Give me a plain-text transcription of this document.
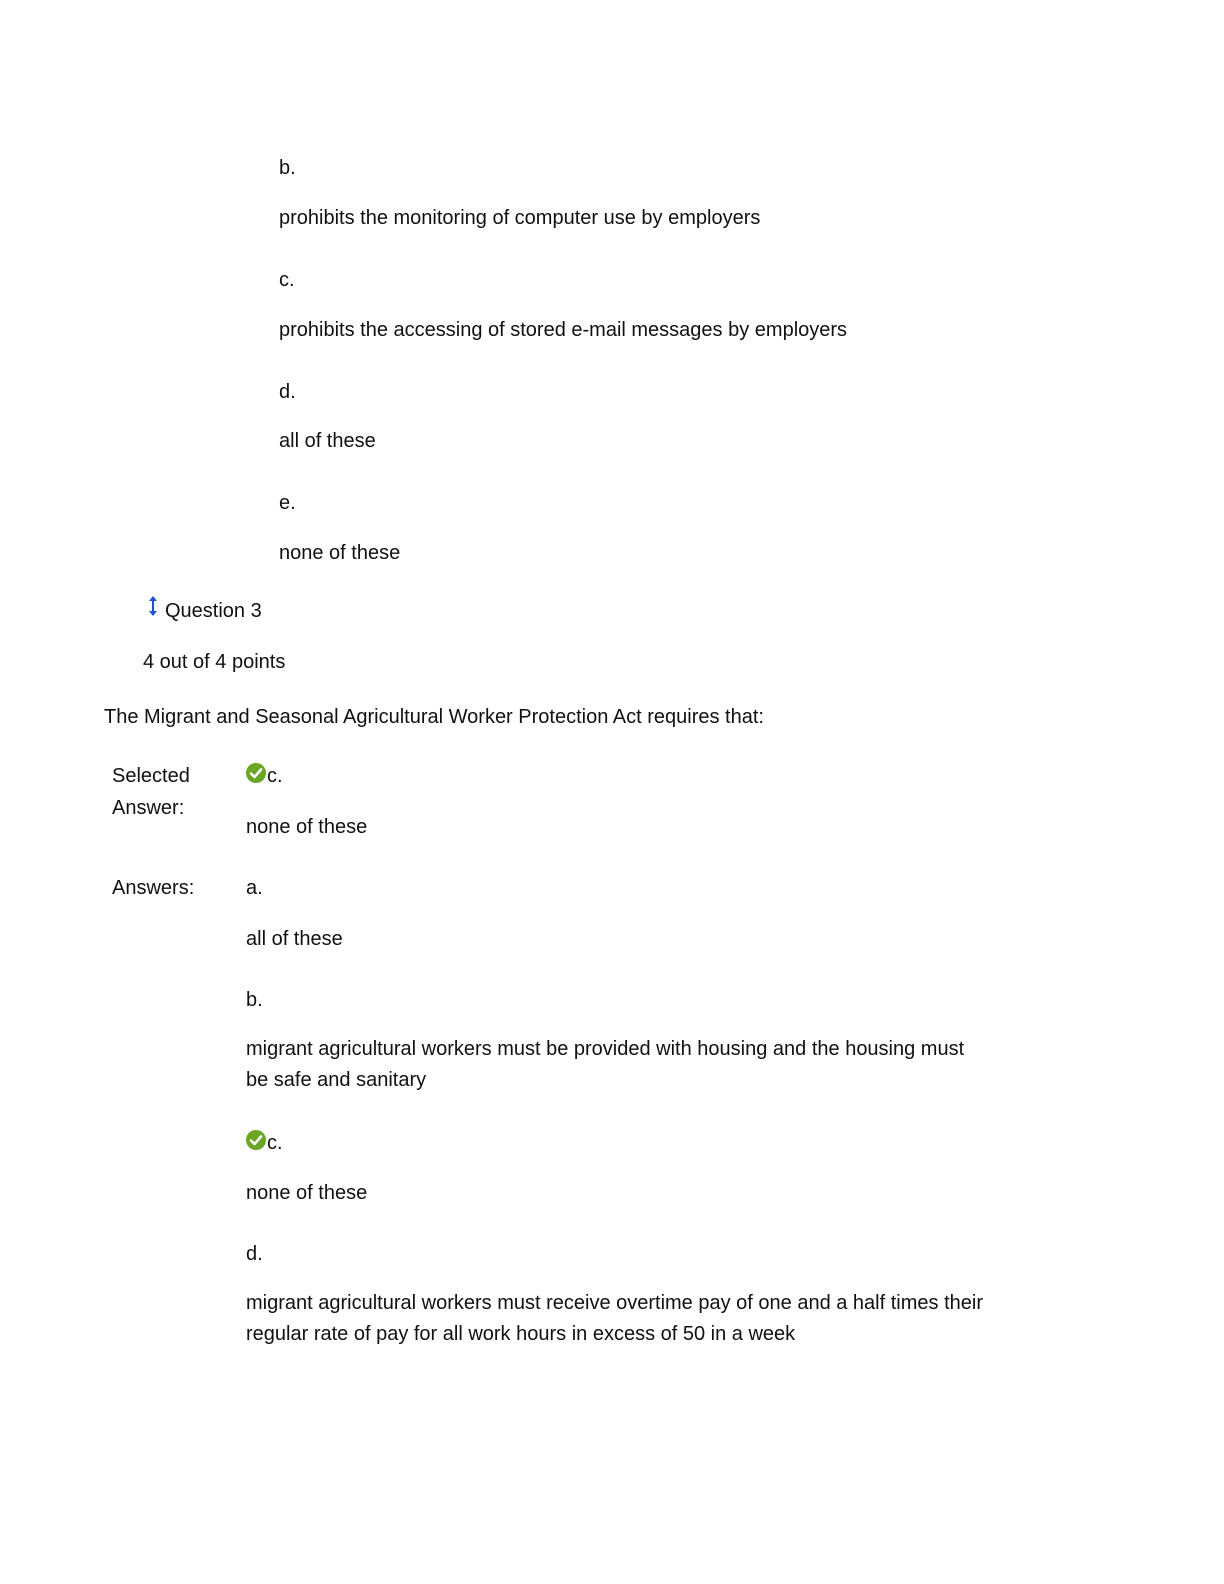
b.
prohibits the monitoring of computer use by employers
c.
prohibits the accessing of stored e-mail messages by employers
d.
all of these
e.
none of these
Question 3
4 out of 4 points
The Migrant and Seasonal Agricultural Worker Protection Act requires that:
Selected
Answer:
c.
none of these
Answers:	a.
all of these
b.
migrant agricultural workers must be provided with housing and the housing must be safe and sanitary
c.
none of these
d.
migrant agricultural workers must receive overtime pay of one and a half times their regular rate of pay for all work hours in excess of 50 in a week
